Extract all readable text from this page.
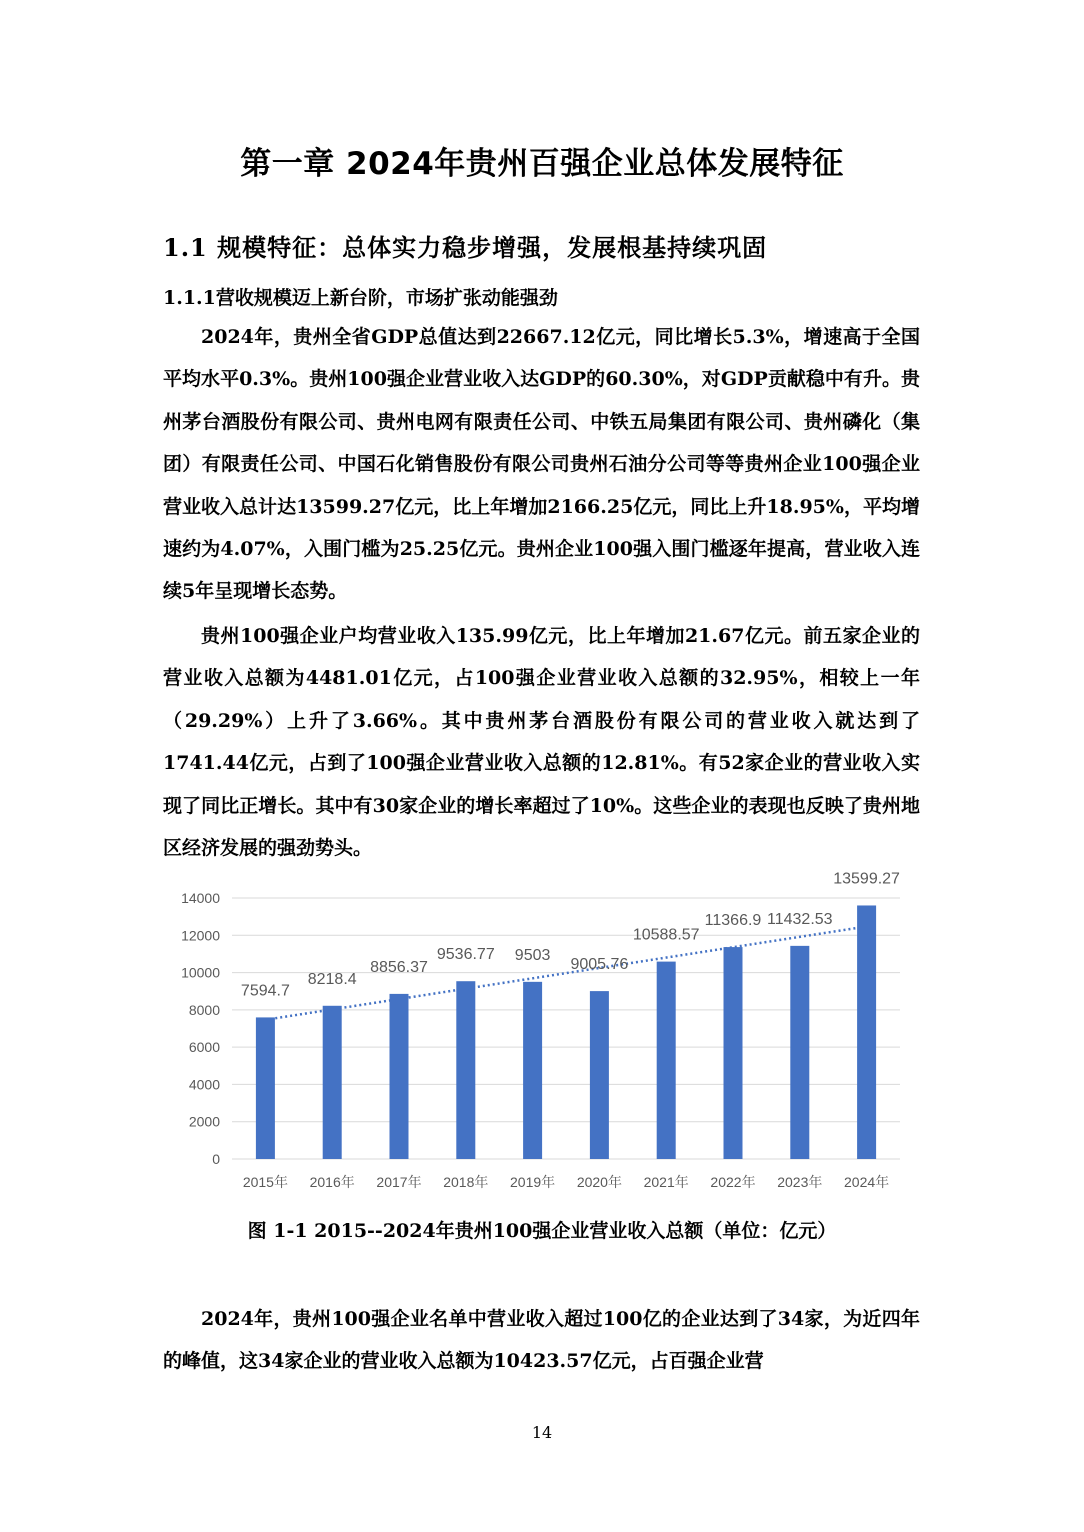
第一章 2024年贵州百强企业总体发展特征
1.1 规模特征：总体实力稳步增强，发展根基持续巩固
1.1.1营收规模迈上新台阶，市场扩张动能强劲

2024年，贵州全省GDP总值达到22667.12亿元，同比增长5.3%，增速高于全国平均水平0.3%。贵州100强企业营业收入达GDP的60.30%，对GDP贡献稳中有升。贵州茅台酒股份有限公司、贵州电网有限责任公司、中铁五局集团有限公司、贵州磷化（集团）有限责任公司、中国石化销售股份有限公司贵州石油分公司等等贵州企业100强企业营业收入总计达13599.27亿元，比上年增加2166.25亿元，同比上升18.95%，平均增速约为4.07%，入围门槛为25.25亿元。贵州企业100强入围门槛逐年提高，营业收入连续5年呈现增长态势。

贵州100强企业户均营业收入135.99亿元，比上年增加21.67亿元。前五家企业的营业收入总额为4481.01亿元，占100强企业营业收入总额的32.95%，相较上一年（29.29%）上升了3.66%。其中贵州茅台酒股份有限公司的营业收入就达到了1741.44亿元，占到了100强企业营业收入总额的12.81%。有52家企业的营业收入实现了同比正增长。其中有30家企业的增长率超过了10%。这些企业的表现也反映了贵州地区经济发展的强劲势头。

0
2000
4000
6000
8000
10000
12000
14000
2015年 2016年 2017年 2018年 2019年 2020年 2021年 2022年 2023年 2024年
7594.7
8218.4
8856.37
9536.77 9503
9005.76
10588.57
11366.9 11432.53
13599.27
图 1-1 2015--2024年贵州100强企业营业收入总额（单位：亿元）

2024年，贵州100强企业名单中营业收入超过100亿的企业达到了34家，为近四年的峰值，这34家企业的营业收入总额为10423.57亿元，占百强企业营

14
